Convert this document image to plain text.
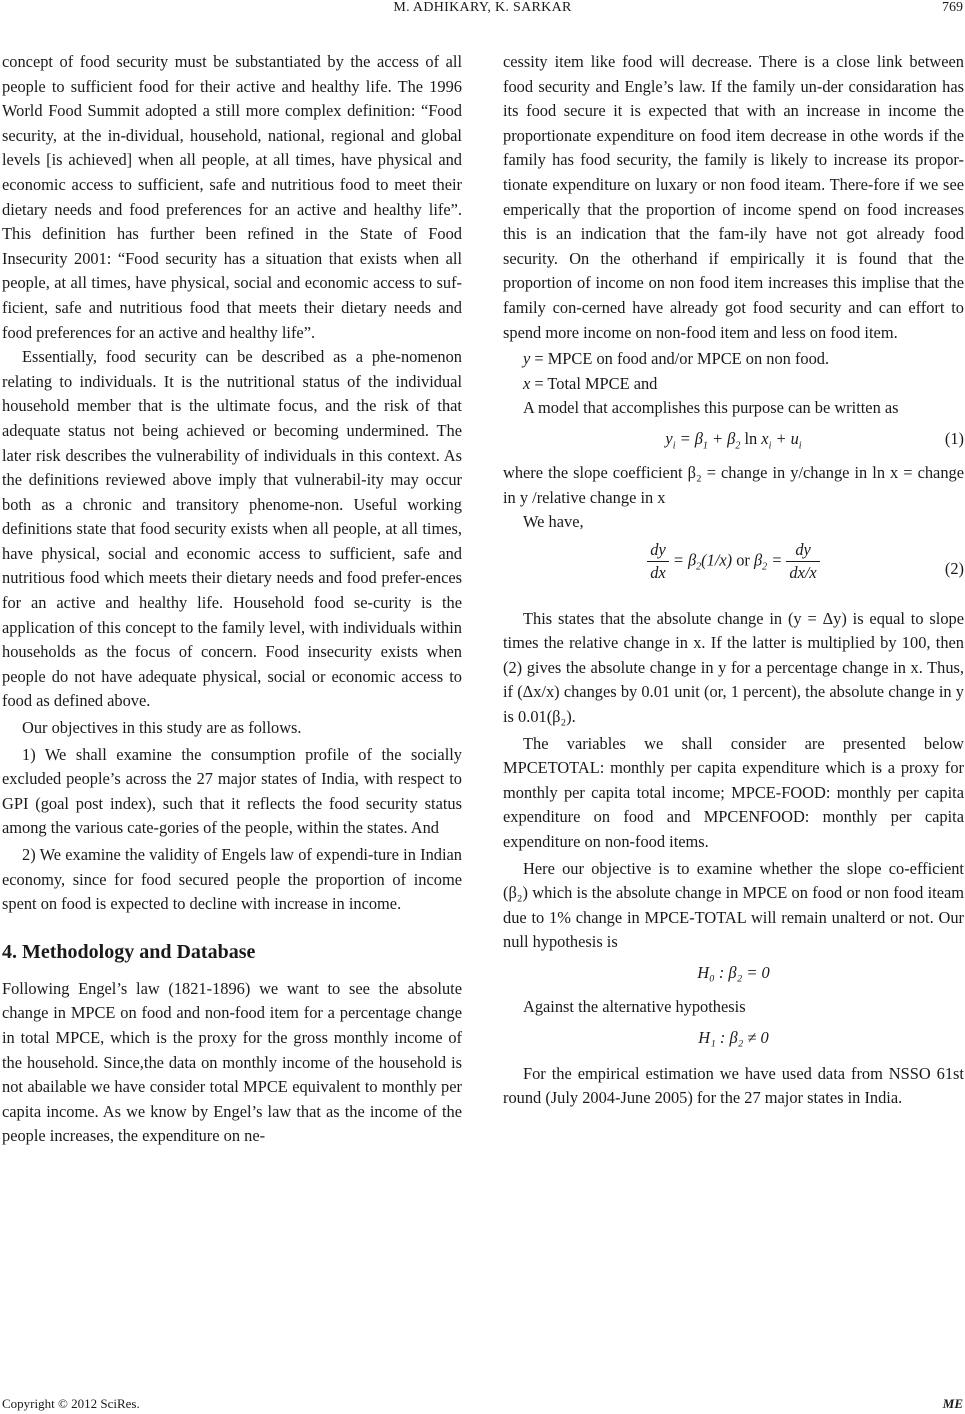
M. ADHIKARY, K. SARKAR	769

concept of food security must be substantiated by the access of all people to sufficient food for their active and healthy life. The 1996 World Food Summit adopted a still more complex definition: “Food security, at the in-dividual, household, national, regional and global levels [is achieved] when all people, at all times, have physical and economic access to sufficient, safe and nutritious food to meet their dietary needs and food preferences for an active and healthy life”. This definition has further been refined in the State of Food Insecurity 2001: “Food security has a situation that exists when all people, at all times, have physical, social and economic access to suf-ficient, safe and nutritious food that meets their dietary needs and food preferences for an active and healthy life”.

Essentially, food security can be described as a phe-nomenon relating to individuals. It is the nutritional status of the individual household member that is the ultimate focus, and the risk of that adequate status not being achieved or becoming undermined. The later risk describes the vulnerability of individuals in this context. As the definitions reviewed above imply that vulnerabil-ity may occur both as a chronic and transitory phenome-non. Useful working definitions state that food security exists when all people, at all times, have physical, social and economic access to sufficient, safe and nutritious food which meets their dietary needs and food prefer-ences for an active and healthy life. Household food se-curity is the application of this concept to the family level, with individuals within households as the focus of concern. Food insecurity exists when people do not have adequate physical, social or economic access to food as defined above.

Our objectives in this study are as follows.

1) We shall examine the consumption profile of the socially excluded people’s across the 27 major states of India, with respect to GPI (goal post index), such that it reflects the food security status among the various cate-gories of the people, within the states. And

2) We examine the validity of Engels law of expendi-ture in Indian economy, since for food secured people the proportion of income spent on food is expected to decline with increase in income.

4. Methodology and Database

Following Engel’s law (1821-1896) we want to see the absolute change in MPCE on food and non-food item for a percentage change in total MPCE, which is the proxy for the gross monthly income of the household. Since,the data on monthly income of the household is not abailable we have consider total MPCE equivalent to monthly per capita income. As we know by Engel’s law that as the income of the people increases, the expenditure on ne-

cessity item like food will decrease. There is a close link between food security and Engle’s law. If the family un-der considaration has its food secure it is expected that with an increase in income the proportionate expenditure on food item decrease in othe words if the family has food security, the family is likely to increase its propor-tionate expenditure on luxary or non food iteam. There-fore if we see emperically that the proportion of income spend on food increases this is an indication that the fam-ily have not got already food security. On the otherhand if empirically it is found that the proportion of income on non food item increases this implise that the family con-cerned have already got food security and can effort to spend more income on non-food item and less on food item.

y = MPCE on food and/or MPCE on non food.

x = Total MPCE and

A model that accomplishes this purpose can be written as

$y_i = \beta_1 + \beta_2$ $\ln x_i + u_i$	(1)

where the slope coefficient β₂ = change in y/change in ln x = change in y /relative change in x

We have,

$\frac{dy}{dx} = \beta_2(1/x)$ or $\beta_2 = \frac{dy}{dx/x}$	(2)

This states that the absolute change in (y = Δy) is equal to slope times the relative change in x. If the latter is multiplied by 100, then (2) gives the absolute change in y for a percentage change in x. Thus, if (Δx/x) changes by 0.01 unit (or, 1 percent), the absolute change in y is 0.01(β₂).

The variables we shall consider are presented below MPCETOTAL: monthly per capita expenditure which is a proxy for monthly per capita total income; MPCE-FOOD: monthly per capita expenditure on food and MPCENFOOD: monthly per capita expenditure on non-food items.

Here our objective is to examine whether the slope co-efficient (β₂) which is the absolute change in MPCE on food or non food iteam due to 1% change in MPCE-TOTAL will remain unalterd or not. Our null hypothesis is

H₀ : β₂ = 0

Against the alternative hypothesis

H₁ : β₂ ≠ 0

For the empirical estimation we have used data from NSSO 61st round (July 2004-June 2005) for the 27 major states in India.

Copyright © 2012 SciRes.	ME
